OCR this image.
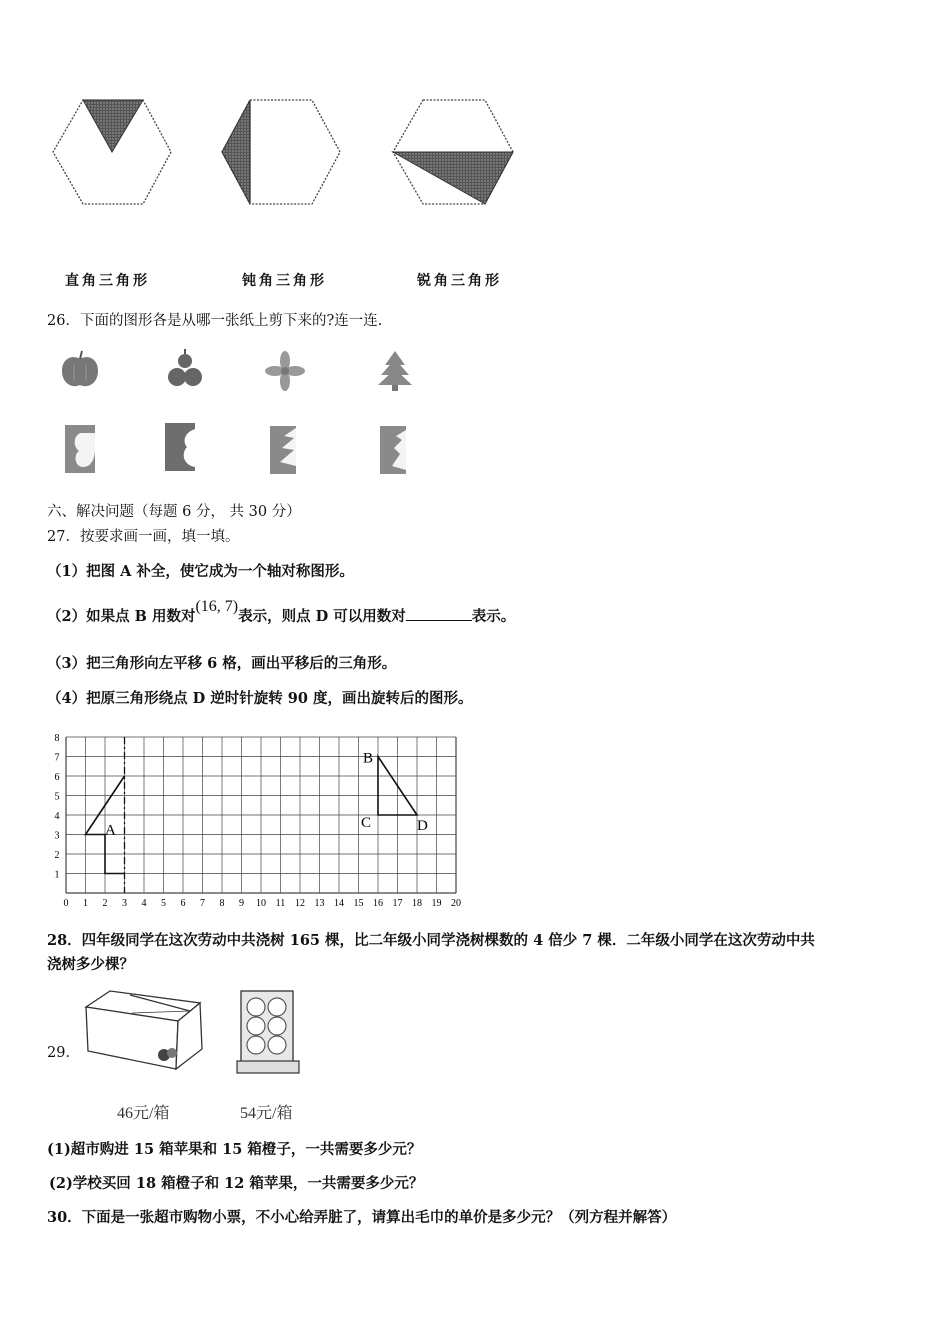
直角三角形	钝角三角形	锐角三角形
26．下面的图形各是从哪一张纸上剪下来的?连一连.
六、解决问题（每题 6 分， 共 30 分）
27．按要求画一画，填一填。
（1）把图 A 补全，使它成为一个轴对称图形。
（2）如果点 B 用数对(16, 7)表示，则点 D 可以用数对	表示。
（3）把三角形向左平移 6 格，画出平移后的三角形。
（4）把原三角形绕点 D 逆时针旋转 90 度，画出旋转后的图形。
0 1 2 3 4 5 6 7 8 9 10 11 12 13 14 15 16 17 18 19 20
1
2
3
4
5
6
7
8
A
B
C	D
28．四年级同学在这次劳动中共浇树 165 棵，比二年级小同学浇树棵数的 4 倍少 7 棵．二年级小同学在这次劳动中共
浇树多少棵？
29．
46元/箱	54元/箱
(1)超市购进 15 箱苹果和 15 箱橙子，一共需要多少元？
(2)学校买回 18 箱橙子和 12 箱苹果，一共需要多少元？
30．下面是一张超市购物小票，不小心给弄脏了，请算出毛巾的单价是多少元？（列方程并解答）
